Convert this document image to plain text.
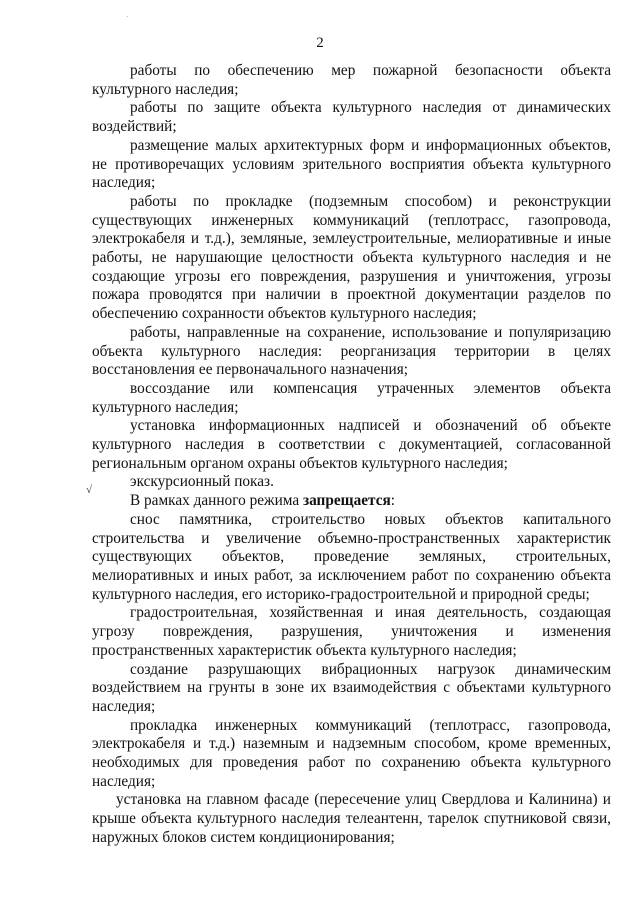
·
2
√

работы по обеспечению мер пожарной безопасности объекта культурного наследия;

работы по защите объекта культурного наследия от динамических воздействий;

размещение малых архитектурных форм и информационных объектов, не противоречащих условиям зрительного восприятия объекта культурного наследия;

работы по прокладке (подземным способом) и реконструкции существующих инженерных коммуникаций (теплотрасс, газопровода, электрокабеля и т.д.), земляные, землеустроительные, мелиоративные и иные работы, не нарушающие целостности объекта культурного наследия и не создающие угрозы его повреждения, разрушения и уничтожения, угрозы пожара проводятся при наличии в проектной документации разделов по обеспечению сохранности объектов культурного наследия;

работы, направленные на сохранение, использование и популяризацию объекта культурного наследия: реорганизация территории в целях восстановления ее первоначального назначения;

воссоздание или компенсация утраченных элементов объекта культурного наследия;

установка информационных надписей и обозначений об объекте культурного наследия в соответствии с документацией, согласованной региональным органом охраны объектов культурного наследия;

экскурсионный показ.

В рамках данного режима запрещается:

снос памятника, строительство новых объектов капитального строительства и увеличение объемно-пространственных характеристик существующих объектов, проведение земляных, строительных, мелиоративных и иных работ, за исключением работ по сохранению объекта культурного наследия, его историко-градостроительной и природной среды;

градостроительная, хозяйственная и иная деятельность, создающая угрозу повреждения, разрушения, уничтожения и изменения пространственных характеристик объекта культурного наследия;

создание разрушающих вибрационных нагрузок динамическим воздействием на грунты в зоне их взаимодействия с объектами культурного наследия;

прокладка инженерных коммуникаций (теплотрасс, газопровода, электрокабеля и т.д.) наземным и надземным способом, кроме временных, необходимых для проведения работ по сохранению объекта культурного наследия;

установка на главном фасаде (пересечение улиц Свердлова и Калинина) и крыше объекта культурного наследия телеантенн, тарелок спутниковой связи, наружных блоков систем кондиционирования;
